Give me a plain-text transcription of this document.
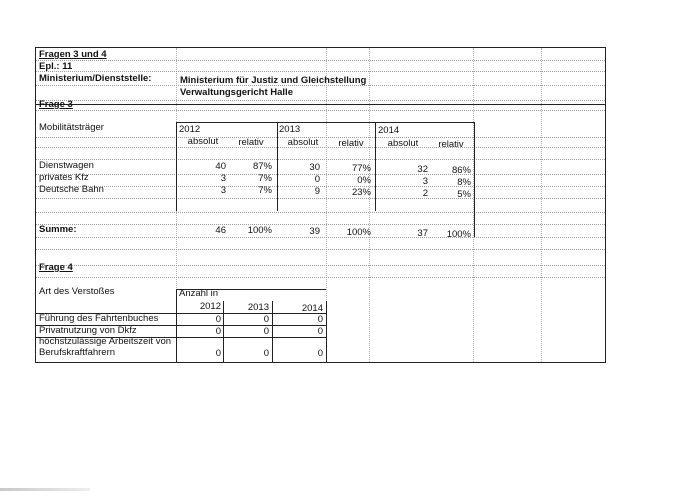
Fragen 3 und 4
Epl.: 11
Ministerium/Dienststelle:	Ministerium für Justiz und Gleichstellung
Verwaltungsgericht Halle
Frage 3
Mobilitätsträger	2012	2013	2014
absolut	relativ	absolut	relativ	absolut	relativ
Dienstwagen	40	87%	30	77%	32	86%
privates Kfz	3	7%	0	0%	3	8%
Deutsche Bahn	3	7%	9	23%	2	5%
Summe:	46	100%	39	100%	37	100%
Frage 4
Art des Verstoßes	Anzahl in
2012	2013	2014
Führung des Fahrtenbuches	0	0	0
Privatnutzung von Dkfz	0	0	0
höchstzulässige Arbeitszeit von
Berufskraftfahrern	0	0	0
